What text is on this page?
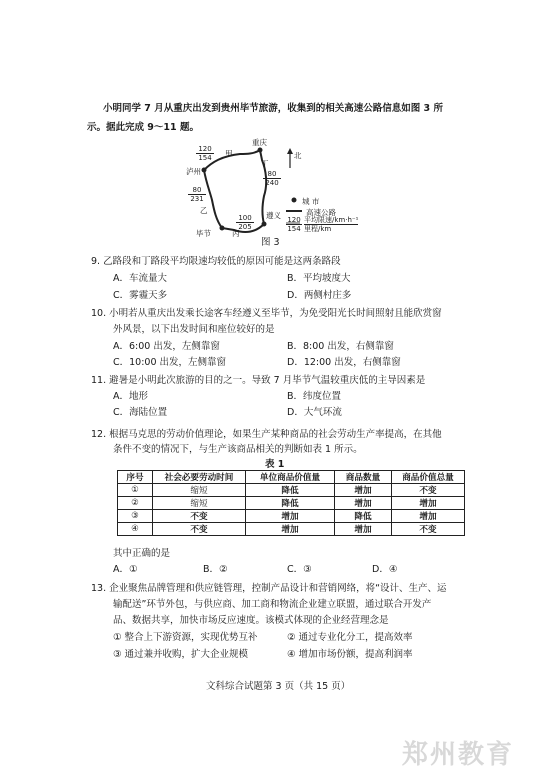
小明同学 7 月从重庆出发到贵州毕节旅游，收集到的相关高速公路信息如图 3 所
示。据此完成 9～11 题。
120
154	甲
重庆
泸州
丁
80
240
80
231
乙
遵义
100
205
毕节	丙
北
城 市
高速公路
120
154
平均限速/km·h⁻¹
里程/km
图 3
9. 乙路段和丁路段平均限速均较低的原因可能是这两条路段
A．车流量大	B．平均坡度大
C．雾霾天多	D．两侧村庄多
10. 小明若从重庆出发乘长途客车经遵义至毕节，为免受阳光长时间照射且能欣赏窗
外风景，以下出发时间和座位较好的是
A．6:00 出发，左侧靠窗	B．8:00 出发，右侧靠窗
C．10:00 出发，左侧靠窗	D．12:00 出发，右侧靠窗
11. 避暑是小明此次旅游的目的之一。导致 7 月毕节气温较重庆低的主导因素是
A．地形	B．纬度位置
C．海陆位置	D．大气环流
12. 根据马克思的劳动价值理论，如果生产某种商品的社会劳动生产率提高，在其他
条件不变的情况下，与生产该商品相关的判断如表 1 所示。
表 1
序号	社会必要劳动时间	单位商品价值量	商品数量	商品价值总量
①	缩短	降低	增加	不变
②	缩短	降低	增加	增加
③	不变	增加	降低	增加
④	不变	增加	增加	不变
其中正确的是
A．①	B．②	C．③	D．④
13. 企业聚焦品牌管理和供应链管理，控制产品设计和营销网络，将“设计、生产、运
输配送”环节外包，与供应商、加工商和物流企业建立联盟，通过联合开发产
品、数据共享，加快市场反应速度。该模式体现的企业经营理念是
① 整合上下游资源，实现优势互补	② 通过专业化分工，提高效率
③ 通过兼并收购，扩大企业规模	④ 增加市场份额，提高利润率
文科综合试题第 3 页（共 15 页）
郑州教育
